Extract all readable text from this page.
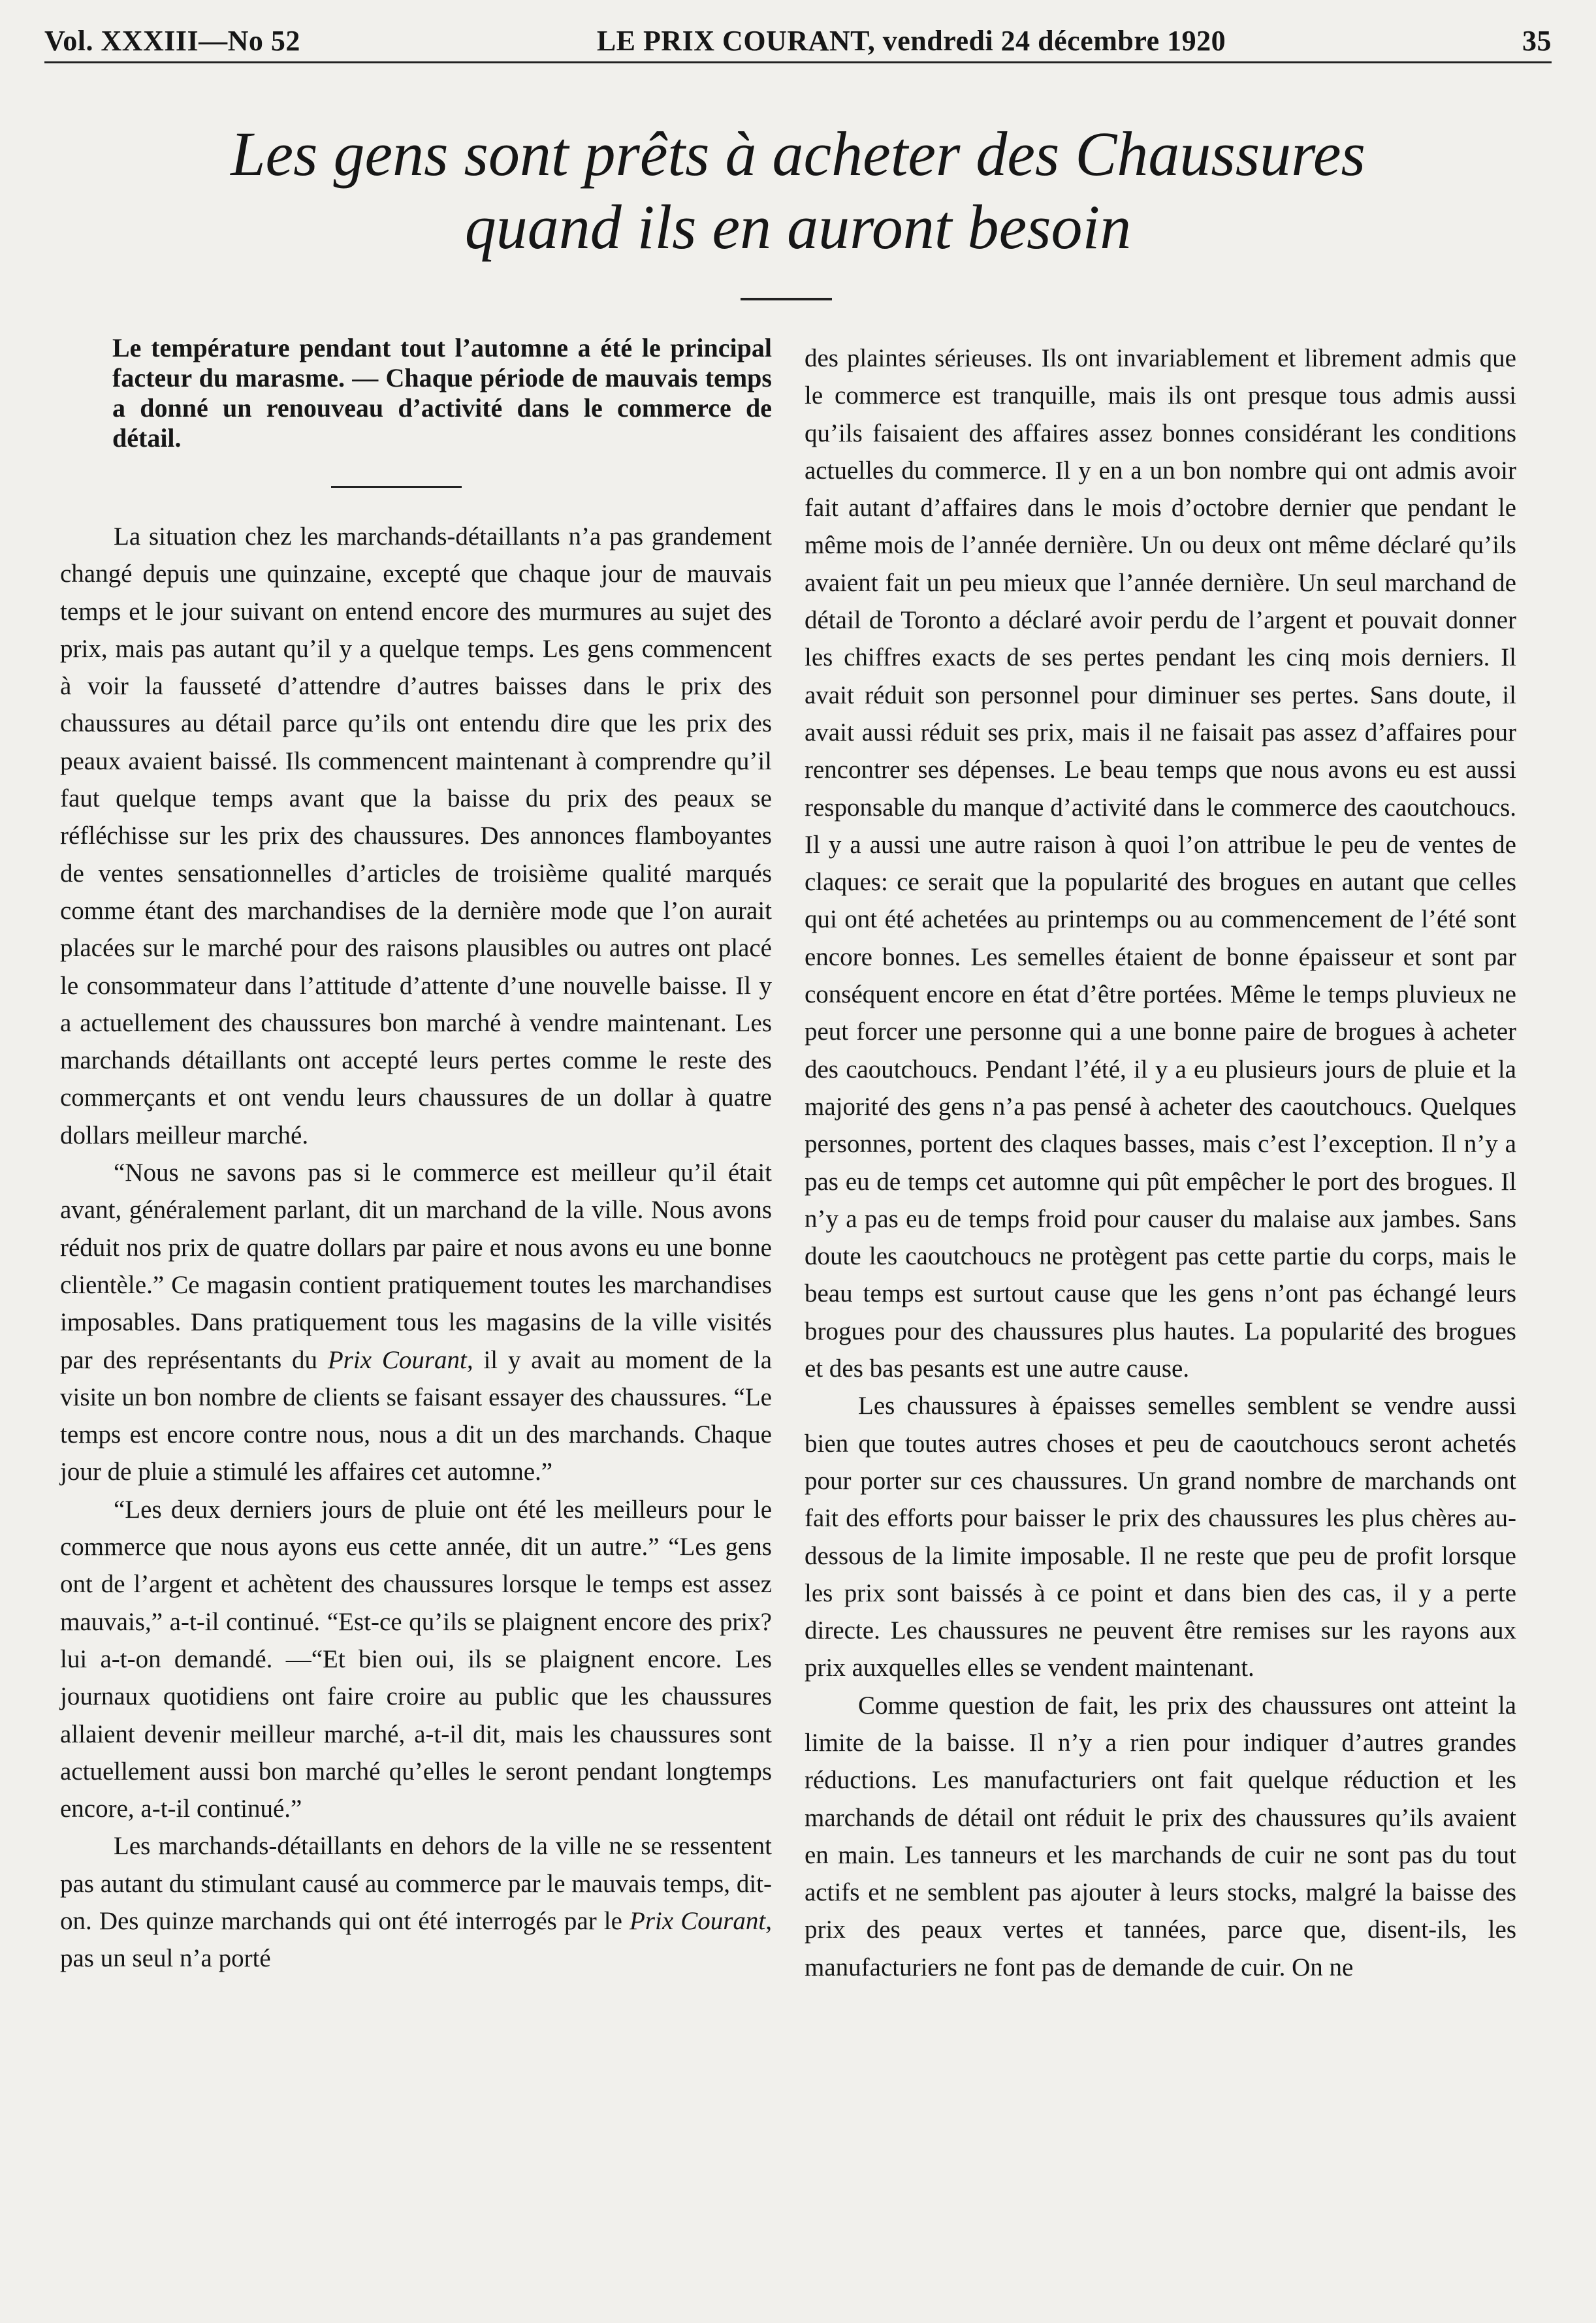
Vol. XXXIII—No 52	LE PRIX COURANT, vendredi 24 décembre 1920	35
Les gens sont prêts à acheter des Chaussures
quand ils en auront besoin

Le température pendant tout l’automne a été le principal facteur du marasme. — Chaque période de mauvais temps a donné un renouveau d’activité dans le commerce de détail.

La situation chez les marchands-détaillants n’a pas grandement changé depuis une quinzaine, excepté que chaque jour de mauvais temps et le jour suivant on entend encore des murmures au sujet des prix, mais pas autant qu’il y a quelque temps. Les gens commencent à voir la fausseté d’attendre d’autres baisses dans le prix des chaussures au détail parce qu’ils ont entendu dire que les prix des peaux avaient baissé. Ils commencent maintenant à comprendre qu’il faut quelque temps avant que la baisse du prix des peaux se réfléchisse sur les prix des chaussures. Des annonces flamboyantes de ventes sensationnelles d’articles de troisième qualité marqués comme étant des marchandises de la dernière mode que l’on aurait placées sur le marché pour des raisons plausibles ou autres ont placé le consommateur dans l’attitude d’attente d’une nouvelle baisse. Il y a actuellement des chaussures bon marché à vendre maintenant. Les marchands détaillants ont accepté leurs pertes comme le reste des commerçants et ont vendu leurs chaussures de un dollar à quatre dollars meilleur marché.

“Nous ne savons pas si le commerce est meilleur qu’il était avant, généralement parlant, dit un marchand de la ville. Nous avons réduit nos prix de quatre dollars par paire et nous avons eu une bonne clientèle.” Ce magasin contient pratiquement toutes les marchandises imposables. Dans pratiquement tous les magasins de la ville visités par des représentants du Prix Courant, il y avait au moment de la visite un bon nombre de clients se faisant essayer des chaussures. “Le temps est encore contre nous, nous a dit un des marchands. Chaque jour de pluie a stimulé les affaires cet automne.”

“Les deux derniers jours de pluie ont été les meilleurs pour le commerce que nous ayons eus cette année, dit un autre.” “Les gens ont de l’argent et achètent des chaussures lorsque le temps est assez mauvais,” a-t-il continué. “Est-ce qu’ils se plaignent encore des prix? lui a-t-on demandé. —“Et bien oui, ils se plaignent encore. Les journaux quotidiens ont faire croire au public que les chaussures allaient devenir meilleur marché, a-t-il dit, mais les chaussures sont actuellement aussi bon marché qu’elles le seront pendant longtemps encore, a-t-il continué.”

Les marchands-détaillants en dehors de la ville ne se ressentent pas autant du stimulant causé au commerce par le mauvais temps, dit-on. Des quinze marchands qui ont été interrogés par le Prix Courant, pas un seul n’a porté

des plaintes sérieuses. Ils ont invariablement et librement admis que le commerce est tranquille, mais ils ont presque tous admis aussi qu’ils faisaient des affaires assez bonnes considérant les conditions actuelles du commerce. Il y en a un bon nombre qui ont admis avoir fait autant d’affaires dans le mois d’octobre dernier que pendant le même mois de l’année dernière. Un ou deux ont même déclaré qu’ils avaient fait un peu mieux que l’année dernière. Un seul marchand de détail de Toronto a déclaré avoir perdu de l’argent et pouvait donner les chiffres exacts de ses pertes pendant les cinq mois derniers. Il avait réduit son personnel pour diminuer ses pertes. Sans doute, il avait aussi réduit ses prix, mais il ne faisait pas assez d’affaires pour rencontrer ses dépenses. Le beau temps que nous avons eu est aussi responsable du manque d’activité dans le commerce des caoutchoucs. Il y a aussi une autre raison à quoi l’on attribue le peu de ventes de claques: ce serait que la popularité des brogues en autant que celles qui ont été achetées au printemps ou au commencement de l’été sont encore bonnes. Les semelles étaient de bonne épaisseur et sont par conséquent encore en état d’être portées. Même le temps pluvieux ne peut forcer une personne qui a une bonne paire de brogues à acheter des caoutchoucs. Pendant l’été, il y a eu plusieurs jours de pluie et la majorité des gens n’a pas pensé à acheter des caoutchoucs. Quelques personnes, portent des claques basses, mais c’est l’exception. Il n’y a pas eu de temps cet automne qui pût empêcher le port des brogues. Il n’y a pas eu de temps froid pour causer du malaise aux jambes. Sans doute les caoutchoucs ne protègent pas cette partie du corps, mais le beau temps est surtout cause que les gens n’ont pas échangé leurs brogues pour des chaussures plus hautes. La popularité des brogues et des bas pesants est une autre cause.

Les chaussures à épaisses semelles semblent se vendre aussi bien que toutes autres choses et peu de caoutchoucs seront achetés pour porter sur ces chaussures. Un grand nombre de marchands ont fait des efforts pour baisser le prix des chaussures les plus chères au-dessous de la limite imposable. Il ne reste que peu de profit lorsque les prix sont baissés à ce point et dans bien des cas, il y a perte directe. Les chaussures ne peuvent être remises sur les rayons aux prix auxquelles elles se vendent maintenant.

Comme question de fait, les prix des chaussures ont atteint la limite de la baisse. Il n’y a rien pour indiquer d’autres grandes réductions. Les manufacturiers ont fait quelque réduction et les marchands de détail ont réduit le prix des chaussures qu’ils avaient en main. Les tanneurs et les marchands de cuir ne sont pas du tout actifs et ne semblent pas ajouter à leurs stocks, malgré la baisse des prix des peaux vertes et tannées, parce que, disent-ils, les manufacturiers ne font pas de demande de cuir. On ne
